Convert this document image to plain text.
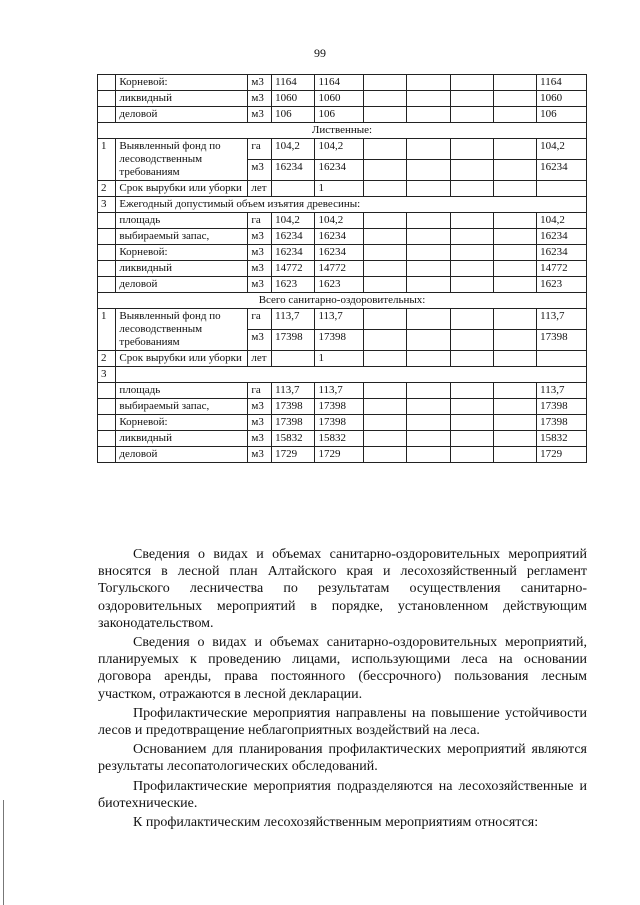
99
	Корневой:	м3	1164	1164					1164
	ликвидный	м3	1060	1060					1060
	деловой	м3	106	106					106
Лиственные:									
1	Выявленный фонд по лесоводственным требованиям	га	104,2	104,2					104,2
		м3	16234	16234					16234
2	Срок вырубки или уборки	лет		1					
3	Ежегодный допустимый объем изъятия древесины:								
	площадь	га	104,2	104,2					104,2
	выбираемый запас,	м3	16234	16234					16234
	Корневой:	м3	16234	16234					16234
	ликвидный	м3	14772	14772					14772
	деловой	м3	1623	1623					1623
Всего санитарно-оздоровительных:									
1	Выявленный фонд по лесоводственным требованиям	га	113,7	113,7					113,7
		м3	17398	17398					17398
2	Срок вырубки или уборки	лет		1					
3									
	площадь	га	113,7	113,7					113,7
	выбираемый запас,	м3	17398	17398					17398
	Корневой:	м3	17398	17398					17398
	ликвидный	м3	15832	15832					15832
	деловой	м3	1729	1729					1729

Сведения о видах и объемах санитарно-оздоровительных мероприятий вносятся в лесной план Алтайского края и лесохозяйственный регламент Тогульского лесничества по результатам осуществления санитарно-оздоровительных мероприятий в порядке, установленном действующим законодательством.

Сведения о видах и объемах санитарно-оздоровительных мероприятий, планируемых к проведению лицами, использующими леса на основании договора аренды, права постоянного (бессрочного) пользования лесным участком, отражаются в лесной декларации.

Профилактические мероприятия направлены на повышение устойчивости лесов и предотвращение неблагоприятных воздействий на леса.

Основанием для планирования профилактических мероприятий являются результаты лесопатологических обследований.

Профилактические мероприятия подразделяются на лесохозяйственные и биотехнические.

К профилактическим лесохозяйственным мероприятиям относятся:
